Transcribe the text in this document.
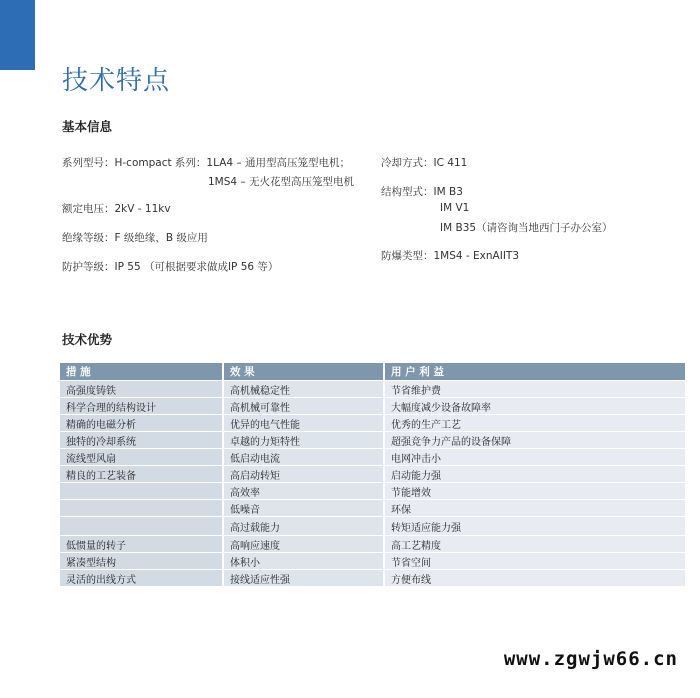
技术特点
基本信息
系列型号：H-compact 系列：1LA4 – 通用型高压笼型电机；
1MS4 – 无火花型高压笼型电机
额定电压：2kV - 11kv
绝缘等级：F 级绝缘，B 级应用
防护等级：IP 55 （可根据要求做成IP 56 等）
冷却方式：IC 411
结构型式：IM B3
IM V1
IM B35（请咨询当地西门子办公室）
防爆类型：1MS4 - ExnAIIT3
技术优势
措 施	效 果	用 户 利 益
高强度铸铁	高机械稳定性	节省维护费
科学合理的结构设计	高机械可靠性	大幅度减少设备故障率
精确的电磁分析	优异的电气性能	优秀的生产工艺
独特的冷却系统	卓越的力矩特性	超强竞争力产品的设备保障
流线型风扇	低启动电流	电网冲击小
精良的工艺装备	高启动转矩	启动能力强
	高效率	节能增效
	低噪音	环保
	高过载能力	转矩适应能力强
低惯量的转子	高响应速度	高工艺精度
紧凑型结构	体积小	节省空间
灵活的出线方式	接线适应性强	方便布线
www.zgwjw66.cn
